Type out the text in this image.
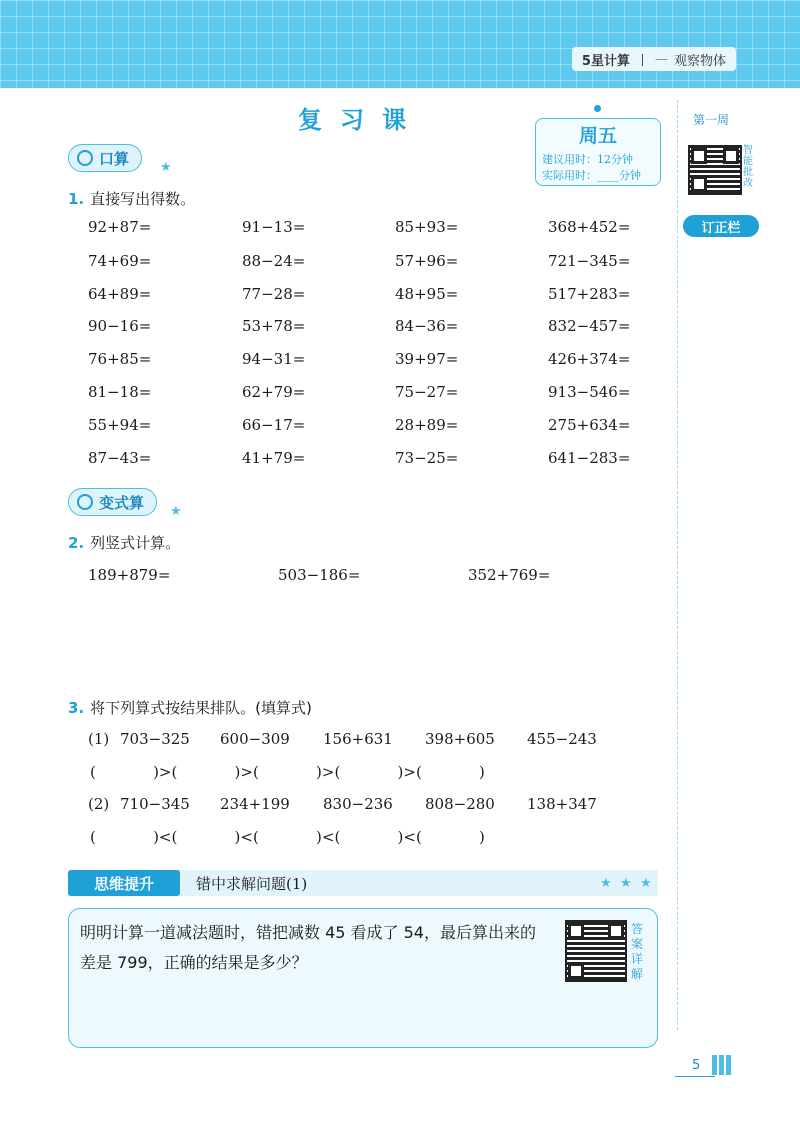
5星计算 丨 — 观察物体
复习课
周五
建议用时：12分钟
实际用时：____分钟
第一周
智能批改
订正栏
口算 ★
1. 直接写出得数。
92+87=	91−13=	85+93=	368+452=
74+69=	88−24=	57+96=	721−345=
64+89=	77−28=	48+95=	517+283=
90−16=	53+78=	84−36=	832−457=
76+85=	94−31=	39+97=	426+374=
81−18=	62+79=	75−27=	913−546=
55+94=	66−17=	28+89=	275+634=
87−43=	41+79=	73−25=	641−283=
变式算 ★
2. 列竖式计算。
189+879=	503−186=	352+769=
3. 将下列算式按结果排队。(填算式)
(1) 703−325 600−309 156+631 398+605 455−243
(            )>(            )>(            )>(            )>(            )
(2) 710−345 234+199 830−236 808−280 138+347
(            )<(            )<(            )<(            )<(            )
思维提升	错中求解问题(1)	★ ★ ★
明明计算一道减法题时，错把减数 45 看成了 54，最后算出来的差是 799，正确的结果是多少？
答案详解
5
